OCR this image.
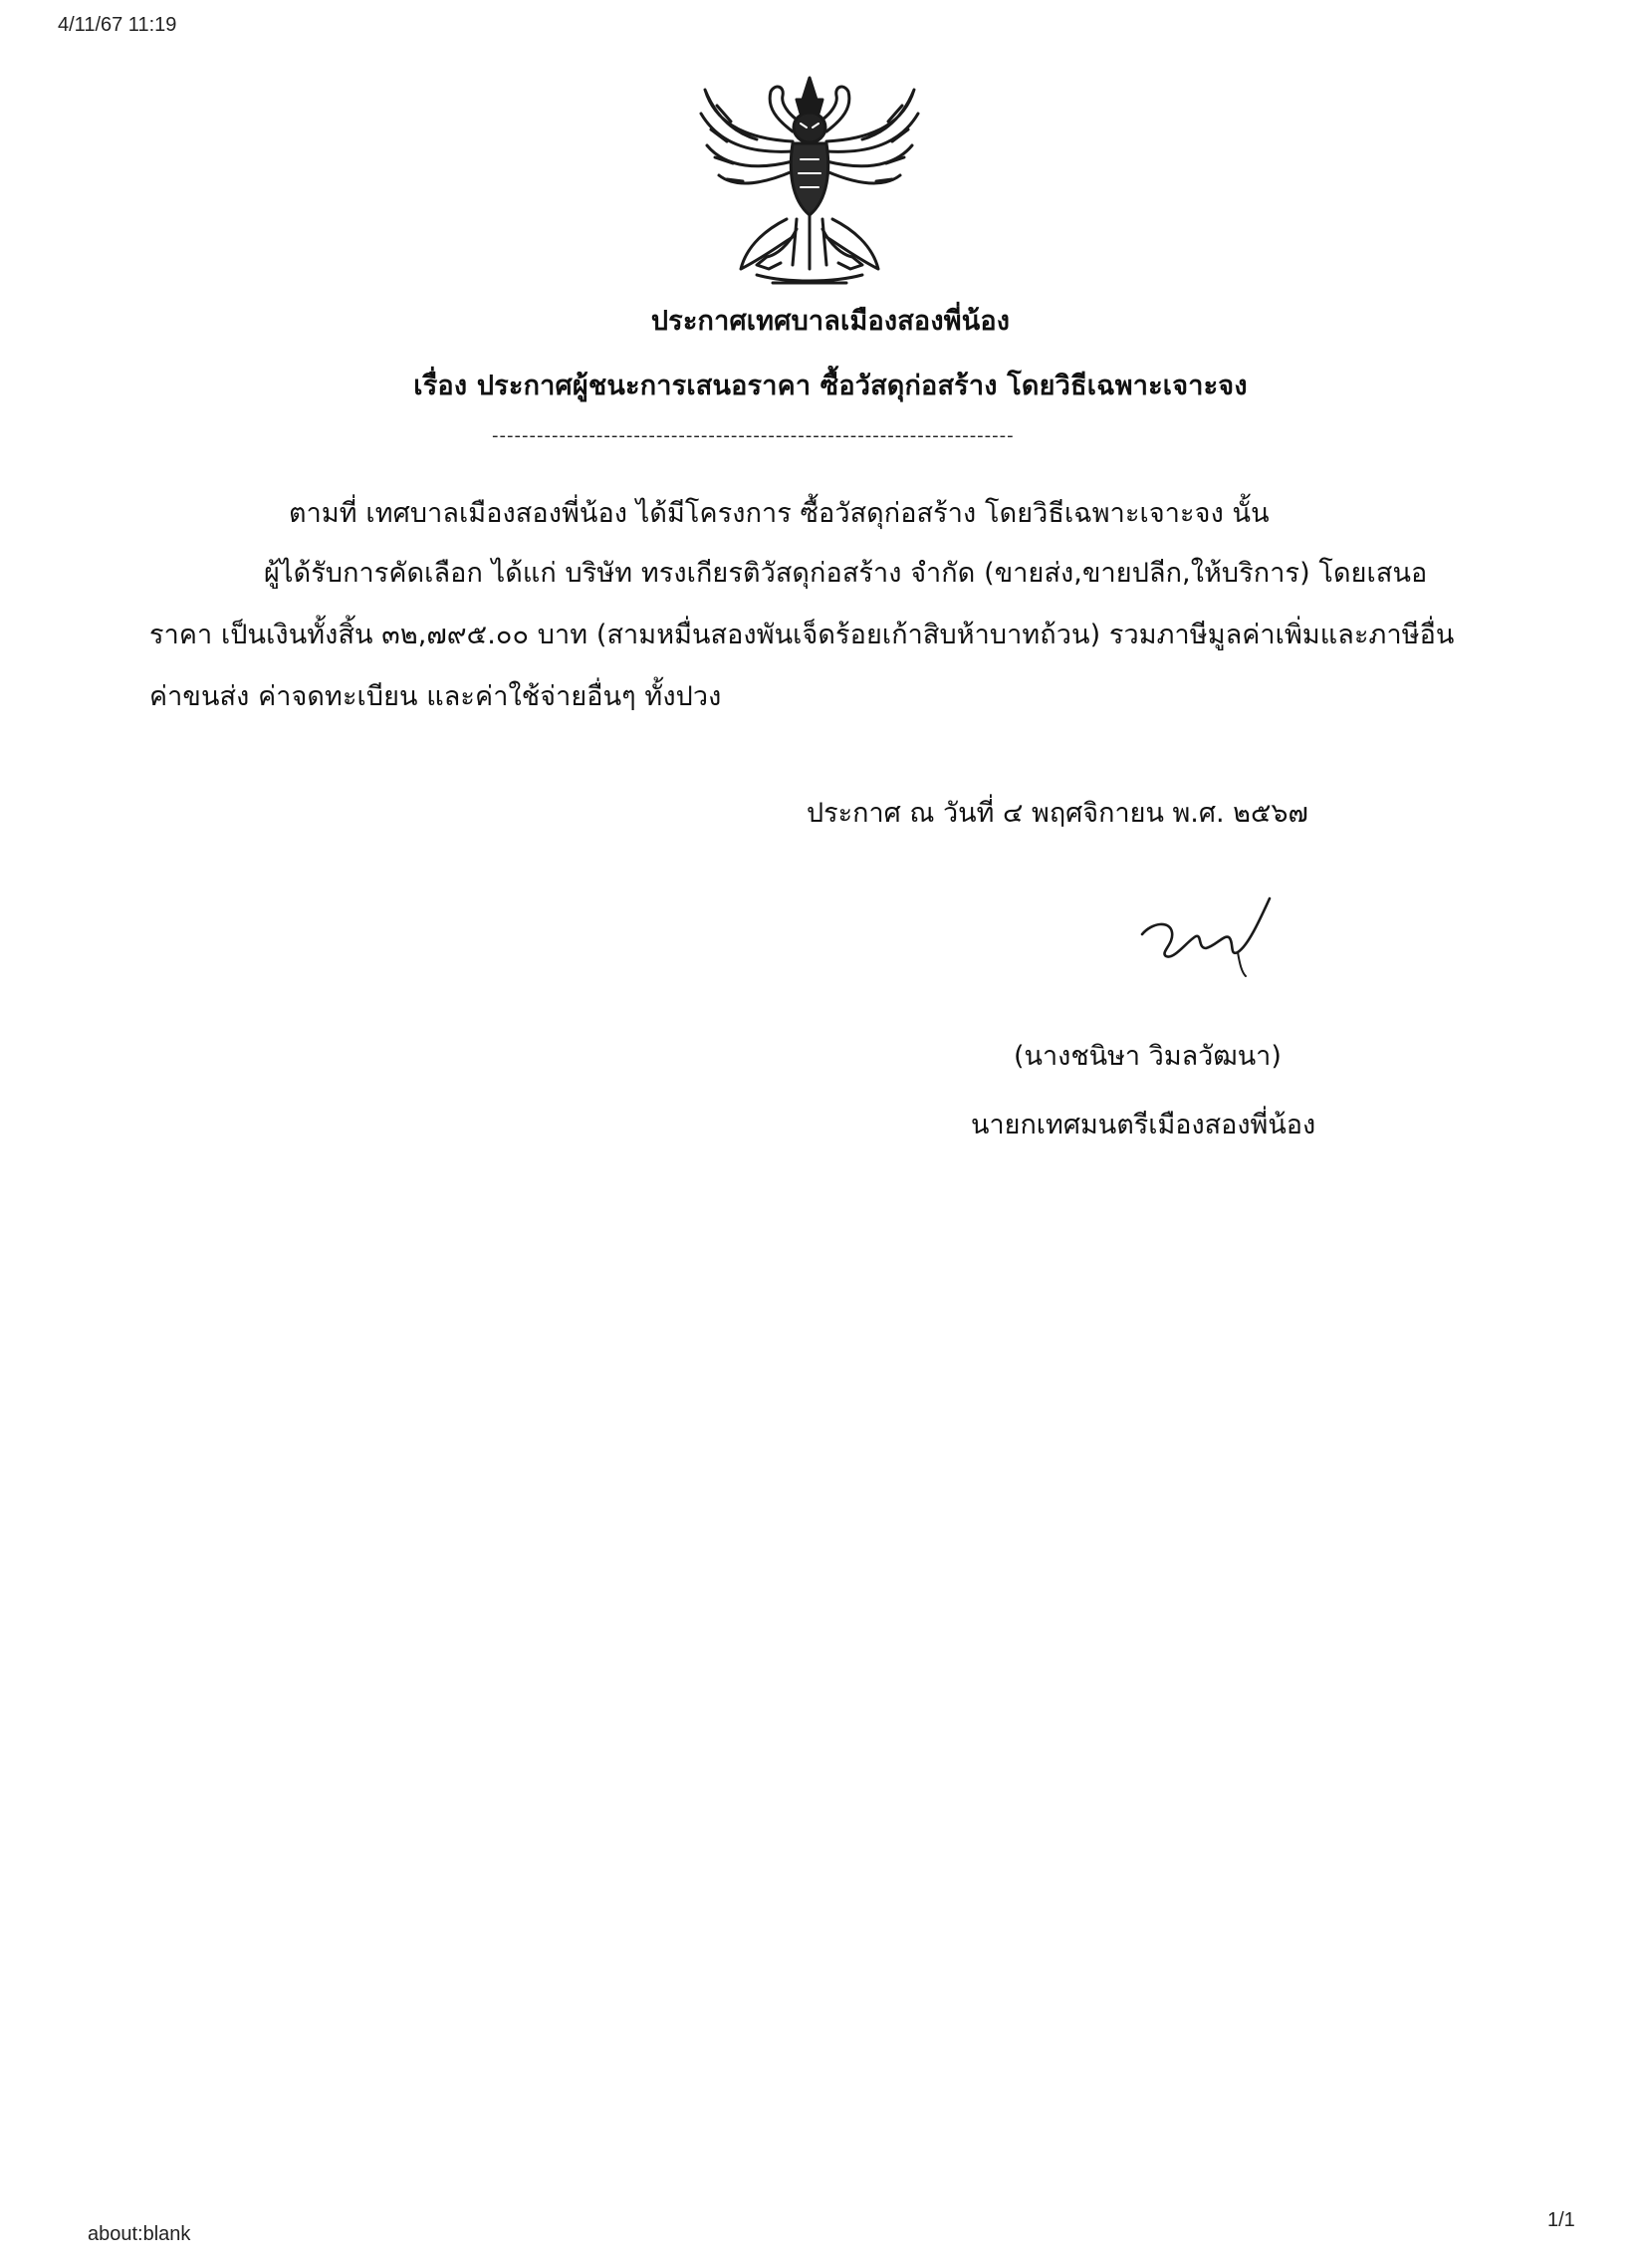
4/11/67 11:19
ประกาศเทศบาลเมืองสองพี่น้อง
เรื่อง ประกาศผู้ชนะการเสนอราคา ซื้อวัสดุก่อสร้าง โดยวิธีเฉพาะเจาะจง
----------------------------------------------------------------------
ตามที่ เทศบาลเมืองสองพี่น้อง ได้มีโครงการ ซื้อวัสดุก่อสร้าง โดยวิธีเฉพาะเจาะจง นั้น
ผู้ได้รับการคัดเลือก ได้แก่ บริษัท ทรงเกียรติวัสดุก่อสร้าง จำกัด (ขายส่ง,ขายปลีก,ให้บริการ) โดยเสนอ
ราคา เป็นเงินทั้งสิ้น ๓๒,๗๙๕.๐๐ บาท (สามหมื่นสองพันเจ็ดร้อยเก้าสิบห้าบาทถ้วน) รวมภาษีมูลค่าเพิ่มและภาษีอื่น
ค่าขนส่ง ค่าจดทะเบียน และค่าใช้จ่ายอื่นๆ ทั้งปวง
ประกาศ ณ วันที่ ๔ พฤศจิกายน พ.ศ. ๒๕๖๗
(นางชนิษา วิมลวัฒนา)
นายกเทศมนตรีเมืองสองพี่น้อง
about:blank
1/1
